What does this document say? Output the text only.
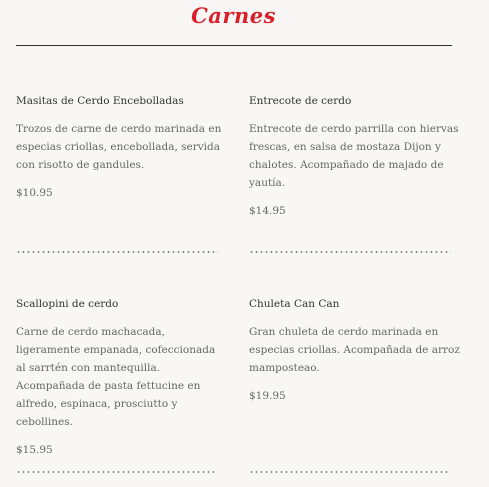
Carnes
Masitas de Cerdo Encebolladas
Trozos de carne de cerdo marinada en especias criollas, encebollada, servida con risotto de gandules.
$10.95
Entrecote de cerdo
Entrecote de cerdo parrilla con hiervas frescas, en salsa de mostaza Dijon y chalotes. Acompañado de majado de yautía.
$14.95
Scallopini de cerdo
Carne de cerdo machacada, ligeramente empanada, cofeccionada al sarrtén con mantequilla. Acompañada de pasta fettucine en alfredo, espinaca, prosciutto y cebollines.
$15.95
Chuleta Can Can
Gran chuleta de cerdo marinada en especias criollas. Acompañada de arroz mamposteao.
$19.95
